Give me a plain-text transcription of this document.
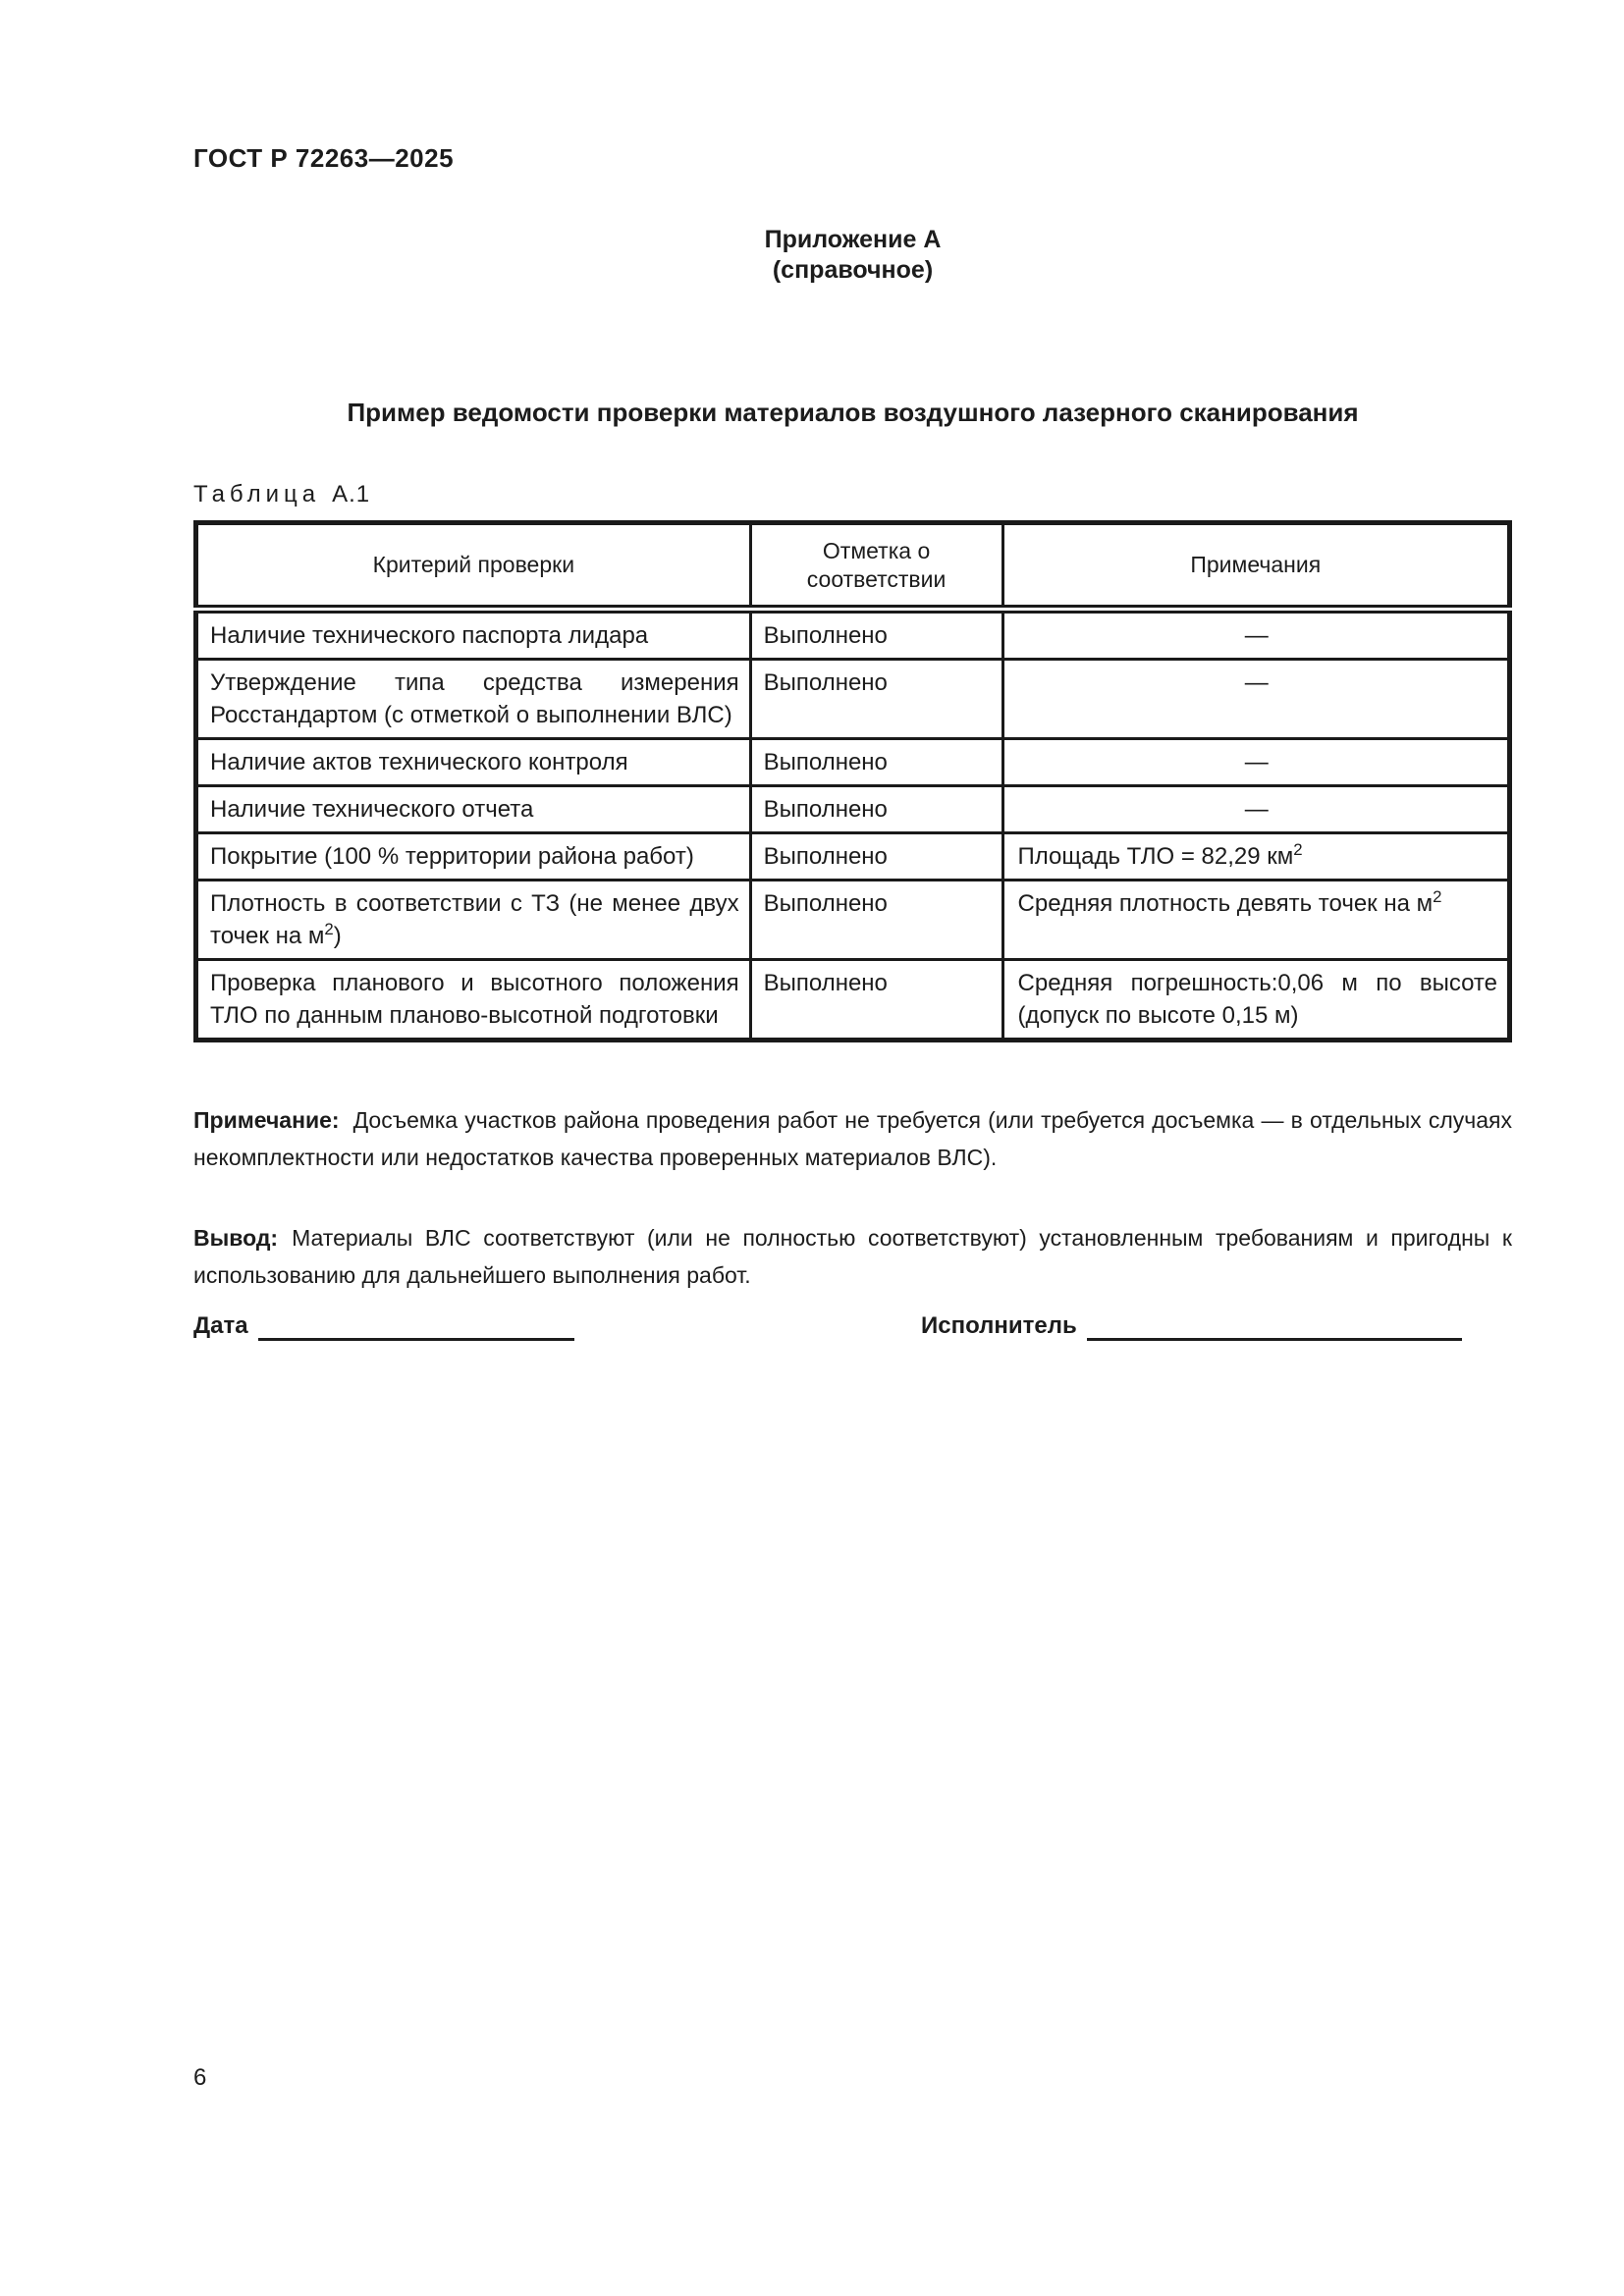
ГОСТ Р 72263—2025
Приложение А
(справочное)
Пример ведомости проверки материалов воздушного лазерного сканирования
Таблица А.1
Критерий проверки	Отметка о соответствии	Примечания
Наличие технического паспорта лидара	Выполнено	—
Утверждение типа средства измерения Росстандартом (с отметкой о выполнении ВЛС)	Выполнено	—
Наличие актов технического контроля	Выполнено	—
Наличие технического отчета	Выполнено	—
Покрытие (100 % территории района работ)	Выполнено	Площадь ТЛО = 82,29 $км^2$
Плотность в соответствии с ТЗ (не менее двух точек на $м^2$)	Выполнено	Средняя плотность девять точек на $м^2$
Проверка планового и высотного положения ТЛО по данным планово-высотной подготовки	Выполнено	Средняя погрешность:0,06 м по высоте (допуск по высоте 0,15 м)

Примечание: Досъемка участков района проведения работ не требуется (или требуется досъемка — в отдельных случаях некомплектности или недостатков качества проверенных материалов ВЛС).

Вывод: Материалы ВЛС соответствуют (или не полностью соответствуют) установленным требованиям и пригодны к использованию для дальнейшего выполнения работ.

Дата	Исполнитель
6
